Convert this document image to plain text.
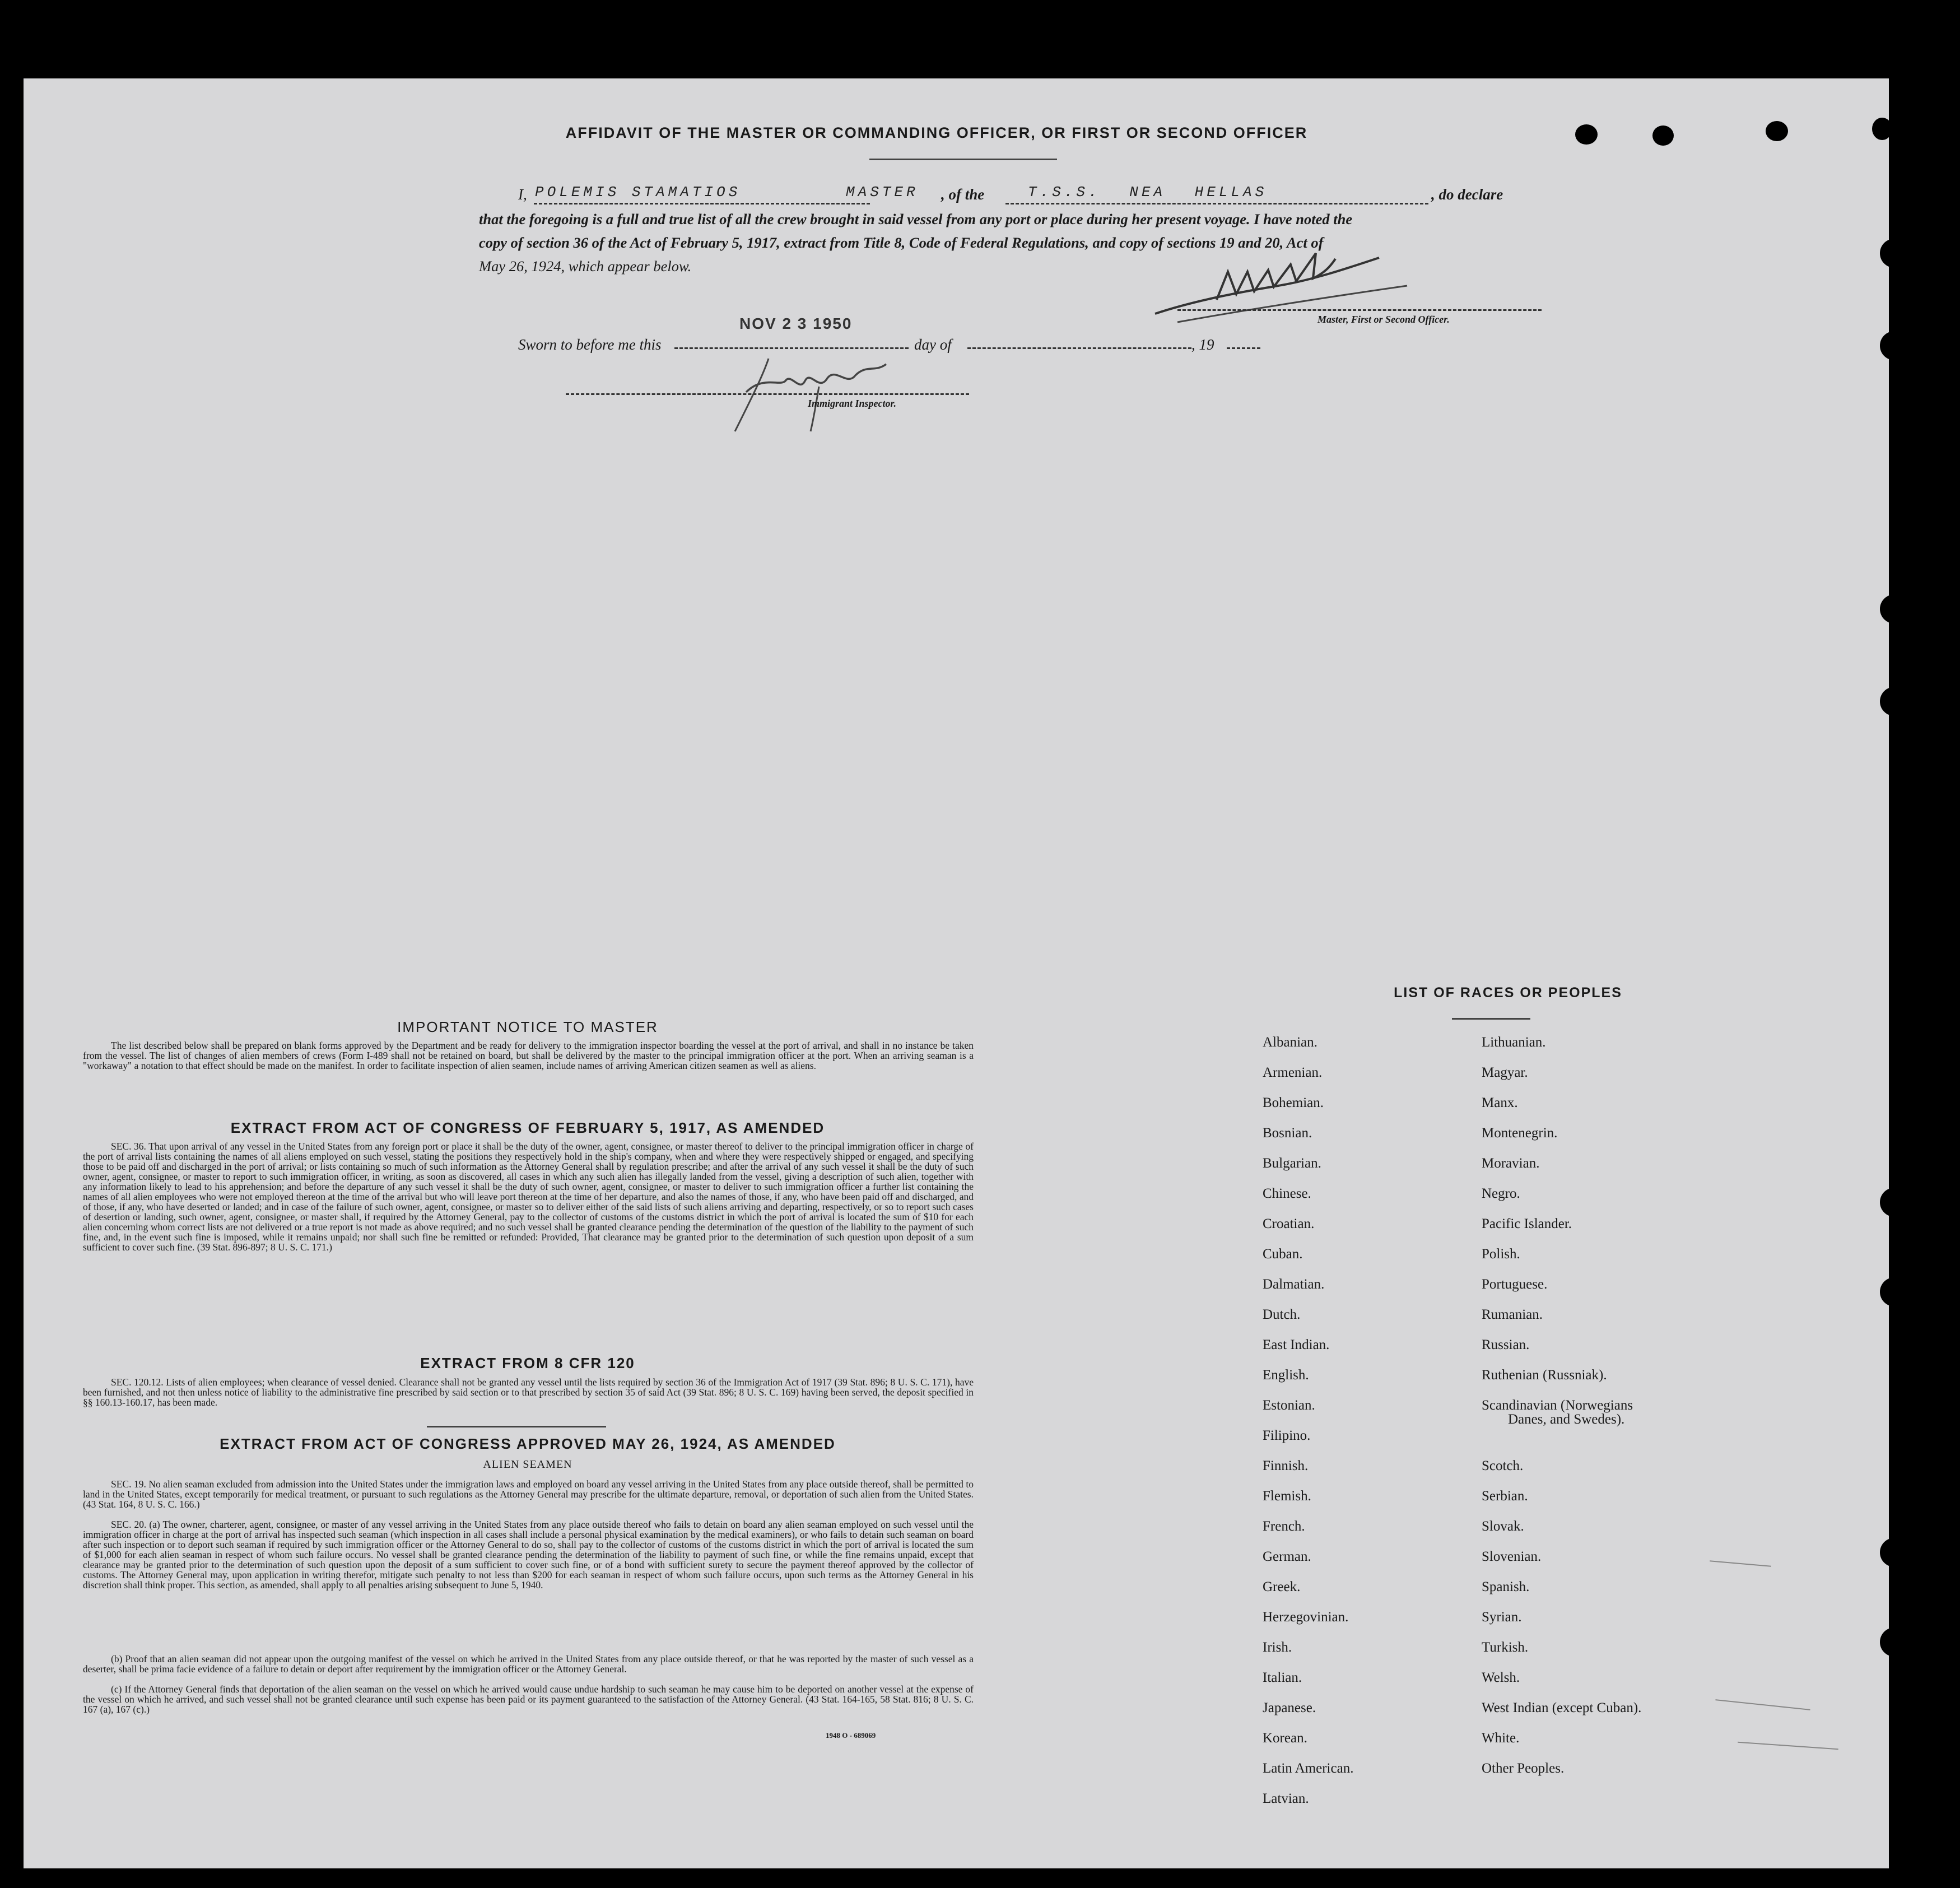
AFFIDAVIT OF THE MASTER OR COMMANDING OFFICER, OR FIRST OR SECOND OFFICER
I, POLEMIS STAMATIOS	MASTER , of the	T.S.S. NEA HELLAS	, do declare
that the foregoing is a full and true list of all the crew brought in said vessel from any port or place during her present voyage. I have noted the
copy of section 36 of the Act of February 5, 1917, extract from Title 8, Code of Federal Regulations, and copy of sections 19 and 20, Act of
May 26, 1924, which appear below.
Master, First or Second Officer.
Sworn to before me this
NOV 2 3 1950
day of	, 19
Immigrant Inspector.
IMPORTANT NOTICE TO MASTER
The list described below shall be prepared on blank forms approved by the Department and be ready for delivery to the immigration inspector boarding the vessel at the port of arrival, and shall in no instance be taken from the vessel. The list of changes of alien members of crews (Form I-489 shall not be retained on board, but shall be delivered by the master to the principal immigration officer at the port. When an arriving seaman is a "workaway" a notation to that effect should be made on the manifest. In order to facilitate inspection of alien seamen, include names of arriving American citizen seamen as well as aliens.
EXTRACT FROM ACT OF CONGRESS OF FEBRUARY 5, 1917, AS AMENDED
SEC. 36. That upon arrival of any vessel in the United States from any foreign port or place it shall be the duty of the owner, agent, consignee, or master thereof to deliver to the principal immigration officer in charge of the port of arrival lists containing the names of all aliens employed on such vessel, stating the positions they respectively hold in the ship's company, when and where they were respectively shipped or engaged, and specifying those to be paid off and discharged in the port of arrival; or lists containing so much of such information as the Attorney General shall by regulation prescribe; and after the arrival of any such vessel it shall be the duty of such owner, agent, consignee, or master to report to such immigration officer, in writing, as soon as discovered, all cases in which any such alien has illegally landed from the vessel, giving a description of such alien, together with any information likely to lead to his apprehension; and before the departure of any such vessel it shall be the duty of such owner, agent, consignee, or master to deliver to such immigration officer a further list containing the names of all alien employees who were not employed thereon at the time of the arrival but who will leave port thereon at the time of her departure, and also the names of those, if any, who have been paid off and discharged, and of those, if any, who have deserted or landed; and in case of the failure of such owner, agent, consignee, or master so to deliver either of the said lists of such aliens arriving and departing, respectively, or so to report such cases of desertion or landing, such owner, agent, consignee, or master shall, if required by the Attorney General, pay to the collector of customs of the customs district in which the port of arrival is located the sum of $10 for each alien concerning whom correct lists are not delivered or a true report is not made as above required; and no such vessel shall be granted clearance pending the determination of the question of the liability to the payment of such fine, and, in the event such fine is imposed, while it remains unpaid; nor shall such fine be remitted or refunded: Provided, That clearance may be granted prior to the determination of such question upon deposit of a sum sufficient to cover such fine. (39 Stat. 896-897; 8 U. S. C. 171.)
EXTRACT FROM 8 CFR 120
SEC. 120.12. Lists of alien employees; when clearance of vessel denied. Clearance shall not be granted any vessel until the lists required by section 36 of the Immigration Act of 1917 (39 Stat. 896; 8 U. S. C. 171), have been furnished, and not then unless notice of liability to the administrative fine prescribed by said section or to that prescribed by section 35 of said Act (39 Stat. 896; 8 U. S. C. 169) having been served, the deposit specified in §§ 160.13-160.17, has been made.
EXTRACT FROM ACT OF CONGRESS APPROVED MAY 26, 1924, AS AMENDED
ALIEN SEAMEN
SEC. 19. No alien seaman excluded from admission into the United States under the immigration laws and employed on board any vessel arriving in the United States from any place outside thereof, shall be permitted to land in the United States, except temporarily for medical treatment, or pursuant to such regulations as the Attorney General may prescribe for the ultimate departure, removal, or deportation of such alien from the United States. (43 Stat. 164, 8 U. S. C. 166.)
SEC. 20. (a) The owner, charterer, agent, consignee, or master of any vessel arriving in the United States from any place outside thereof who fails to detain on board any alien seaman employed on such vessel until the immigration officer in charge at the port of arrival has inspected such seaman (which inspection in all cases shall include a personal physical examination by the medical examiners), or who fails to detain such seaman on board after such inspection or to deport such seaman if required by such immigration officer or the Attorney General to do so, shall pay to the collector of customs of the customs district in which the port of arrival is located the sum of $1,000 for each alien seaman in respect of whom such failure occurs. No vessel shall be granted clearance pending the determination of the liability to payment of such fine, or while the fine remains unpaid, except that clearance may be granted prior to the determination of such question upon the deposit of a sum sufficient to cover such fine, or of a bond with sufficient surety to secure the payment thereof approved by the collector of customs. The Attorney General may, upon application in writing therefor, mitigate such penalty to not less than $200 for each seaman in respect of whom such failure occurs, upon such terms as the Attorney General in his discretion shall think proper. This section, as amended, shall apply to all penalties arising subsequent to June 5, 1940.
(b) Proof that an alien seaman did not appear upon the outgoing manifest of the vessel on which he arrived in the United States from any place outside thereof, or that he was reported by the master of such vessel as a deserter, shall be prima facie evidence of a failure to detain or deport after requirement by the immigration officer or the Attorney General.
(c) If the Attorney General finds that deportation of the alien seaman on the vessel on which he arrived would cause undue hardship to such seaman he may cause him to be deported on another vessel at the expense of the vessel on which he arrived, and such vessel shall not be granted clearance until such expense has been paid or its payment guaranteed to the satisfaction of the Attorney General. (43 Stat. 164-165, 58 Stat. 816; 8 U. S. C. 167 (a), 167 (c).)
1948 O - 689069
LIST OF RACES OR PEOPLES
Albanian.
Armenian.
Bohemian.
Bosnian.
Bulgarian.
Chinese.
Croatian.
Cuban.
Dalmatian.
Dutch.
East Indian.
English.
Estonian.
Filipino.
Finnish.
Flemish.
French.
German.
Greek.
Herzegovinian.
Irish.
Italian.
Japanese.
Korean.
Latin American.
Latvian.
Lithuanian.
Magyar.
Manx.
Montenegrin.
Moravian.
Negro.
Pacific Islander.
Polish.
Portuguese.
Rumanian.
Russian.
Ruthenian (Russniak).
Scandinavian (Norwegians
Danes, and Swedes).
Scotch.
Serbian.
Slovak.
Slovenian.
Spanish.
Syrian.
Turkish.
Welsh.
West Indian (except Cuban).
White.
Other Peoples.
